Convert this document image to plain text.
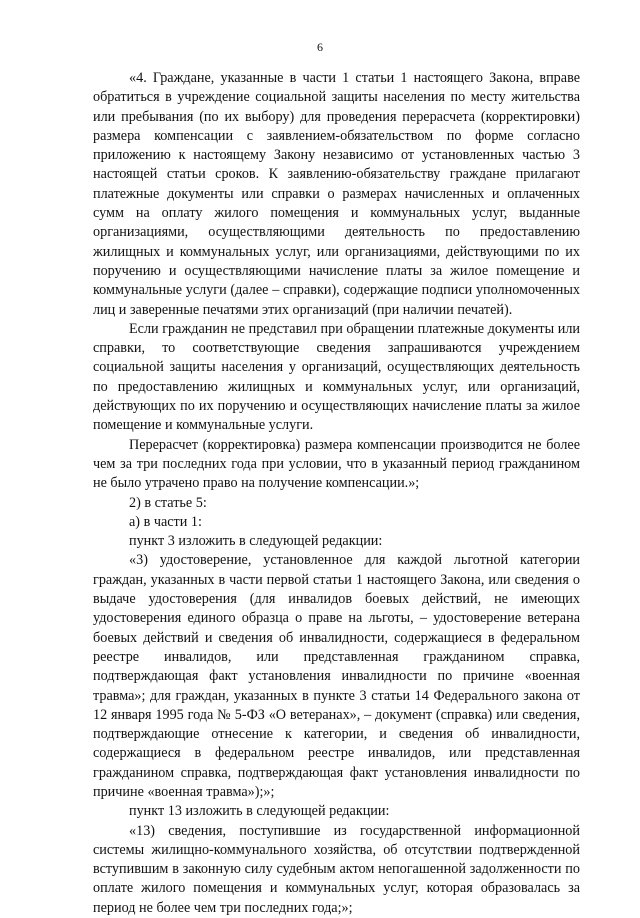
6

«4. Граждане, указанные в части 1 статьи 1 настоящего Закона, вправе обратиться в учреждение социальной защиты населения по месту жительства или пребывания (по их выбору) для проведения перерасчета (корректировки) размера компенсации с заявлением-обязательством по форме согласно приложению к настоящему Закону независимо от установленных частью 3 настоящей статьи сроков. К заявлению-обязательству граждане прилагают платежные документы или справки о размерах начисленных и оплаченных сумм на оплату жилого помещения и коммунальных услуг, выданные организациями, осуществляющими деятельность по предоставлению жилищных и коммунальных услуг, или организациями, действующими по их поручению и осуществляющими начисление платы за жилое помещение и коммунальные услуги (далее – справки), содержащие подписи уполномоченных лиц и заверенные печатями этих организаций (при наличии печатей).

Если гражданин не представил при обращении платежные документы или справки, то соответствующие сведения запрашиваются учреждением социальной защиты населения у организаций, осуществляющих деятельность по предоставлению жилищных и коммунальных услуг, или организаций, действующих по их поручению и осуществляющих начисление платы за жилое помещение и коммунальные услуги.

Перерасчет (корректировка) размера компенсации производится не более чем за три последних года при условии, что в указанный период гражданином не было утрачено право на получение компенсации.»;

2) в статье 5:

а) в части 1:

пункт 3 изложить в следующей редакции:

«3) удостоверение, установленное для каждой льготной категории граждан, указанных в части первой статьи 1 настоящего Закона, или сведения о выдаче удостоверения (для инвалидов боевых действий, не имеющих удостоверения единого образца о праве на льготы, – удостоверение ветерана боевых действий и сведения об инвалидности, содержащиеся в федеральном реестре инвалидов, или представленная гражданином справка, подтверждающая факт установления инвалидности по причине «военная травма»; для граждан, указанных в пункте 3 статьи 14 Федерального закона от 12 января 1995 года № 5-ФЗ «О ветеранах», – документ (справка) или сведения, подтверждающие отнесение к категории, и сведения об инвалидности, содержащиеся в федеральном реестре инвалидов, или представленная гражданином справка, подтверждающая факт установления инвалидности по причине «военная травма»);»;

пункт 13 изложить в следующей редакции:

«13) сведения, поступившие из государственной информационной системы жилищно-коммунального хозяйства, об отсутствии подтвержденной вступившим в законную силу судебным актом непогашенной задолженности по оплате жилого помещения и коммунальных услуг, которая образовалась за период не более чем три последних года;»;
